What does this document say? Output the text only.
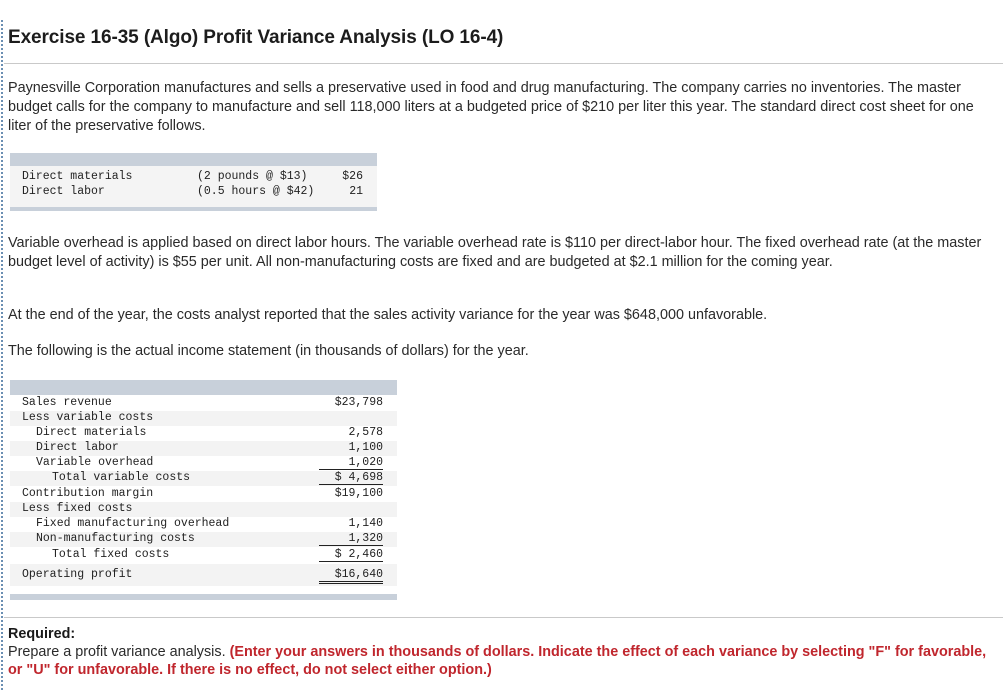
Exercise 16-35 (Algo) Profit Variance Analysis (LO 16-4)
Paynesville Corporation manufactures and sells a preservative used in food and drug manufacturing. The company carries no inventories. The master budget calls for the company to manufacture and sell 118,000 liters at a budgeted price of $210 per liter this year. The standard direct cost sheet for one liter of the preservative follows.
Direct materials	(2 pounds @ $13)	$26
Direct labor	(0.5 hours @ $42)	21
Variable overhead is applied based on direct labor hours. The variable overhead rate is $110 per direct-labor hour. The fixed overhead rate (at the master budget level of activity) is $55 per unit. All non-manufacturing costs are fixed and are budgeted at $2.1 million for the coming year.
At the end of the year, the costs analyst reported that the sales activity variance for the year was $648,000 unfavorable.
The following is the actual income statement (in thousands of dollars) for the year.
Sales revenue	$23,798
Less variable costs
Direct materials	2,578
Direct labor	1,100
Variable overhead	1,020
Total variable costs	$ 4,698
Contribution margin	$19,100
Less fixed costs
Fixed manufacturing overhead	1,140
Non-manufacturing costs	1,320
Total fixed costs	$ 2,460
Operating profit	$16,640
Required:
Prepare a profit variance analysis. (Enter your answers in thousands of dollars. Indicate the effect of each variance by selecting "F" for favorable, or "U" for unfavorable. If there is no effect, do not select either option.)
